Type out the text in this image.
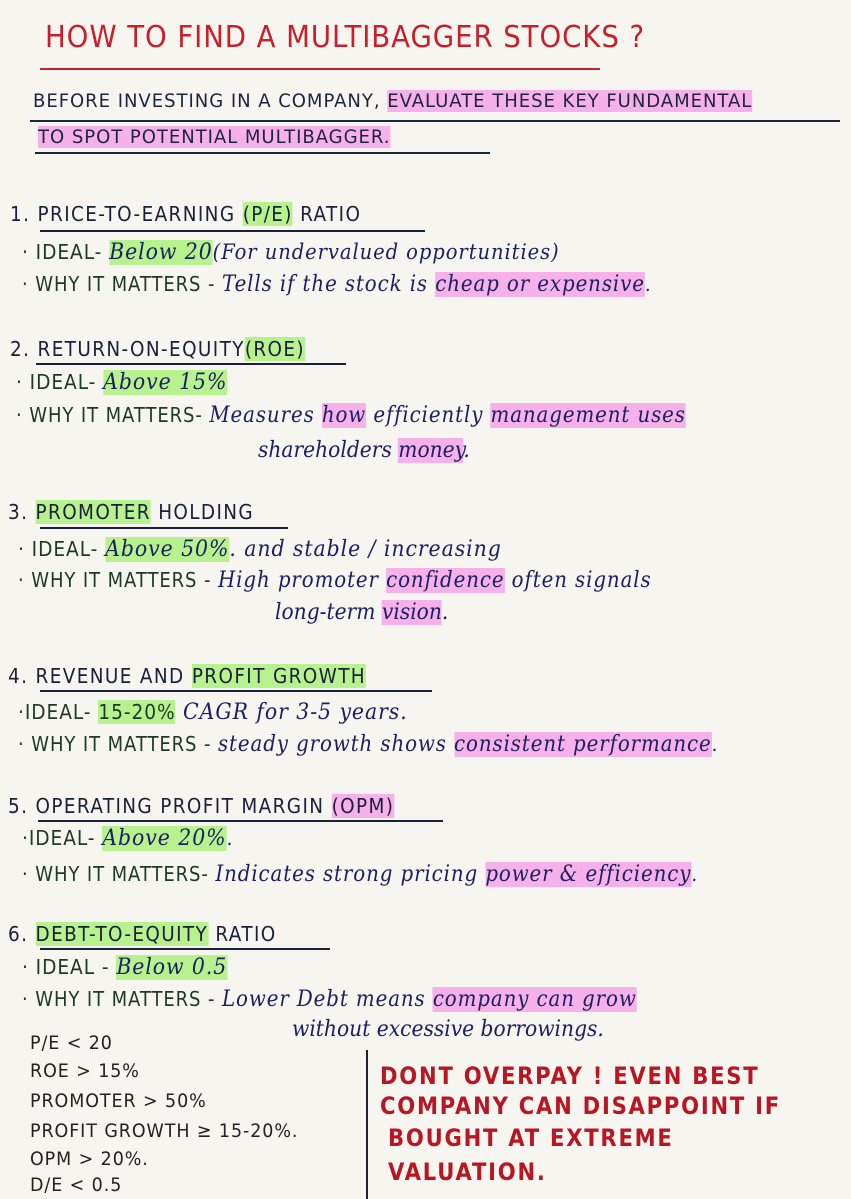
HOW TO FIND A MULTIBAGGER STOCKS ?
BEFORE INVESTING IN A COMPANY, EVALUATE THESE KEY FUNDAMENTAL
TO SPOT POTENTIAL MULTIBAGGER.
1. PRICE-TO-EARNING (P/E) RATIO
· IDEAL- Below 20(For undervalued opportunities)
· WHY IT MATTERS - Tells if the stock is cheap or expensive.
2. RETURN-ON-EQUITY(ROE)
· IDEAL- Above 15%
· WHY IT MATTERS- Measures how efficiently management uses
shareholders money.
3. PROMOTER HOLDING
· IDEAL- Above 50%. and stable / increasing
· WHY IT MATTERS - High promoter confidence often signals
long-term vision.
4. REVENUE AND PROFIT GROWTH
·IDEAL- 15-20% CAGR for 3-5 years.
· WHY IT MATTERS - steady growth shows consistent performance.
5. OPERATING PROFIT MARGIN (OPM)
·IDEAL- Above 20%.
· WHY IT MATTERS- Indicates strong pricing power & efficiency.
6. DEBT-TO-EQUITY RATIO
· IDEAL - Below 0.5
· WHY IT MATTERS - Lower Debt means company can grow
without excessive borrowings.
P/E < 20
ROE > 15%
PROMOTER > 50%
PROFIT GROWTH ≥ 15-20%.
OPM > 20%.
D/E < 0.5
DONT OVERPAY ! EVEN BEST
COMPANY CAN DISAPPOINT IF
BOUGHT AT EXTREME
VALUATION.
